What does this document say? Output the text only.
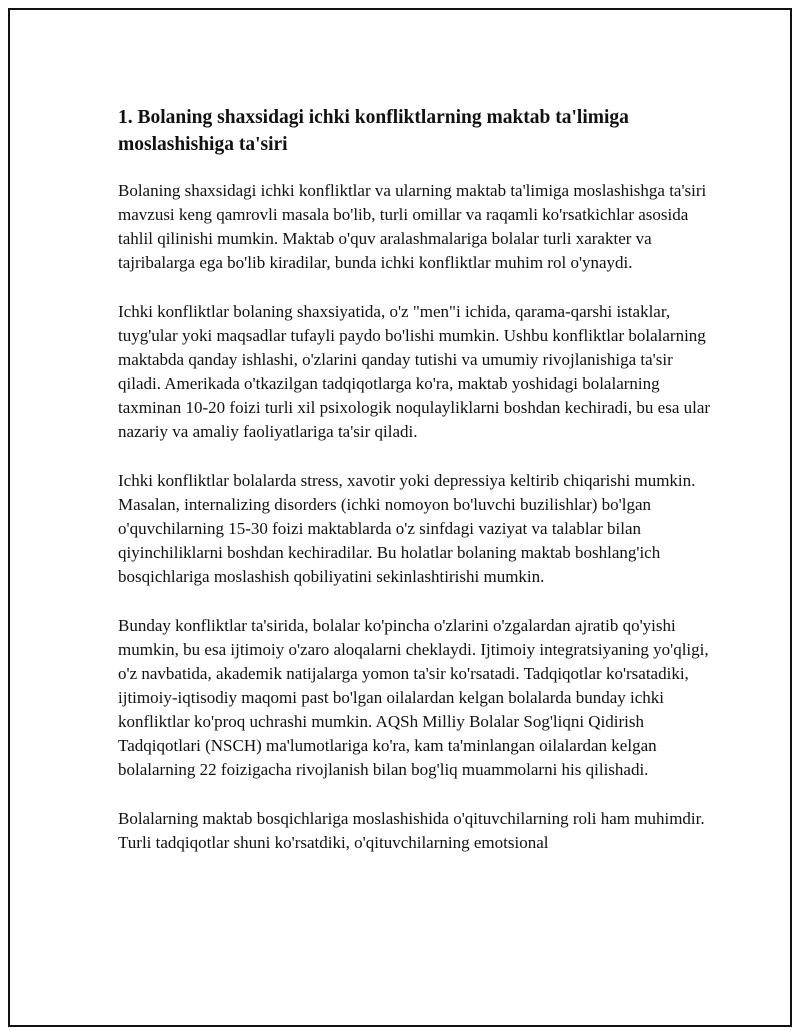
1. Bolaning shaxsidagi ichki konfliktlarning maktab ta'limiga moslashishiga ta'siri

Bolaning shaxsidagi ichki konfliktlar va ularning maktab ta'limiga moslashishga ta'siri mavzusi keng qamrovli masala bo'lib, turli omillar va raqamli ko'rsatkichlar asosida tahlil qilinishi mumkin. Maktab o'quv aralashmalariga bolalar turli xarakter va tajribalarga ega bo'lib kiradilar, bunda ichki konfliktlar muhim rol o'ynaydi.

Ichki konfliktlar bolaning shaxsiyatida, o'z "men"i ichida, qarama-qarshi istaklar, tuyg'ular yoki maqsadlar tufayli paydo bo'lishi mumkin. Ushbu konfliktlar bolalarning maktabda qanday ishlashi, o'zlarini qanday tutishi va umumiy rivojlanishiga ta'sir qiladi. Amerikada o'tkazilgan tadqiqotlarga ko'ra, maktab yoshidagi bolalarning taxminan 10-20 foizi turli xil psixologik noqulayliklarni boshdan kechiradi, bu esa ular nazariy va amaliy faoliyatlariga ta'sir qiladi.

Ichki konfliktlar bolalarda stress, xavotir yoki depressiya keltirib chiqarishi mumkin. Masalan, internalizing disorders (ichki nomoyon bo'luvchi buzilishlar) bo'lgan o'quvchilarning 15-30 foizi maktablarda o'z sinfdagi vaziyat va talablar bilan qiyinchiliklarni boshdan kechiradilar. Bu holatlar bolaning maktab boshlang'ich bosqichlariga moslashish qobiliyatini sekinlashtirishi mumkin.

Bunday konfliktlar ta'sirida, bolalar ko'pincha o'zlarini o'zgalardan ajratib qo'yishi mumkin, bu esa ijtimoiy o'zaro aloqalarni cheklaydi. Ijtimoiy integratsiyaning yo'qligi, o'z navbatida, akademik natijalarga yomon ta'sir ko'rsatadi. Tadqiqotlar ko'rsatadiki, ijtimoiy-iqtisodiy maqomi past bo'lgan oilalardan kelgan bolalarda bunday ichki konfliktlar ko'proq uchrashi mumkin. AQSh Milliy Bolalar Sog'liqni Qidirish Tadqiqotlari (NSCH) ma'lumotlariga ko'ra, kam ta'minlangan oilalardan kelgan bolalarning 22 foizigacha rivojlanish bilan bog'liq muammolarni his qilishadi.

Bolalarning maktab bosqichlariga moslashishida o'qituvchilarning roli ham muhimdir. Turli tadqiqotlar shuni ko'rsatdiki, o'qituvchilarning emotsional
